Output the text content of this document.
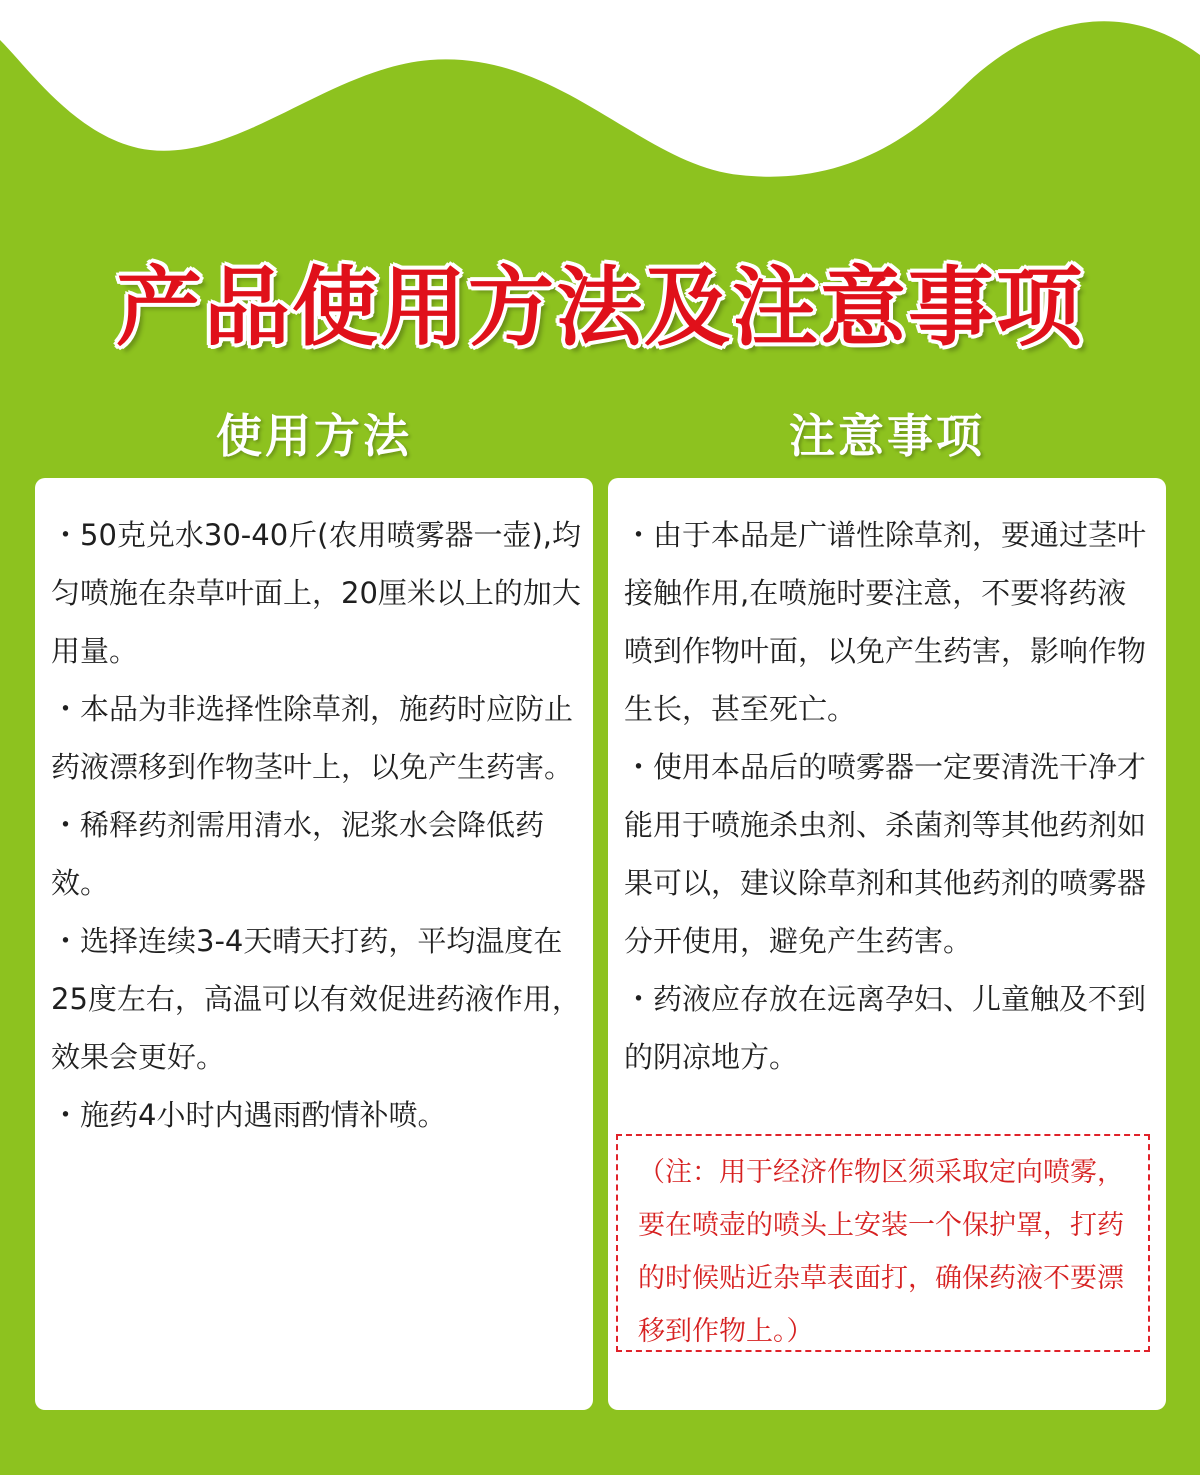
产品使用方法及注意事项
使用方法	注意事项

・50克兑水30-40斤(农用喷雾器一壶),均匀喷施在杂草叶面上，20厘米以上的加大用量。

・本品为非选择性除草剂，施药时应防止药液漂移到作物茎叶上，以免产生药害。

・稀释药剂需用清水，泥浆水会降低药效。

・选择连续3-4天晴天打药，平均温度在25度左右，高温可以有效促进药液作用，效果会更好。

・施药4小时内遇雨酌情补喷。

・由于本品是广谱性除草剂，要通过茎叶接触作用,在喷施时要注意，不要将药液喷到作物叶面，以免产生药害，影响作物生长，甚至死亡。

・使用本品后的喷雾器一定要清洗干净才能用于喷施杀虫剂、杀菌剂等其他药剂如果可以，建议除草剂和其他药剂的喷雾器分开使用，避免产生药害。

・药液应存放在远离孕妇、儿童触及不到的阴凉地方。

（注：用于经济作物区须采取定向喷雾，要在喷壶的喷头上安装一个保护罩，打药的时候贴近杂草表面打，确保药液不要漂移到作物上。）
